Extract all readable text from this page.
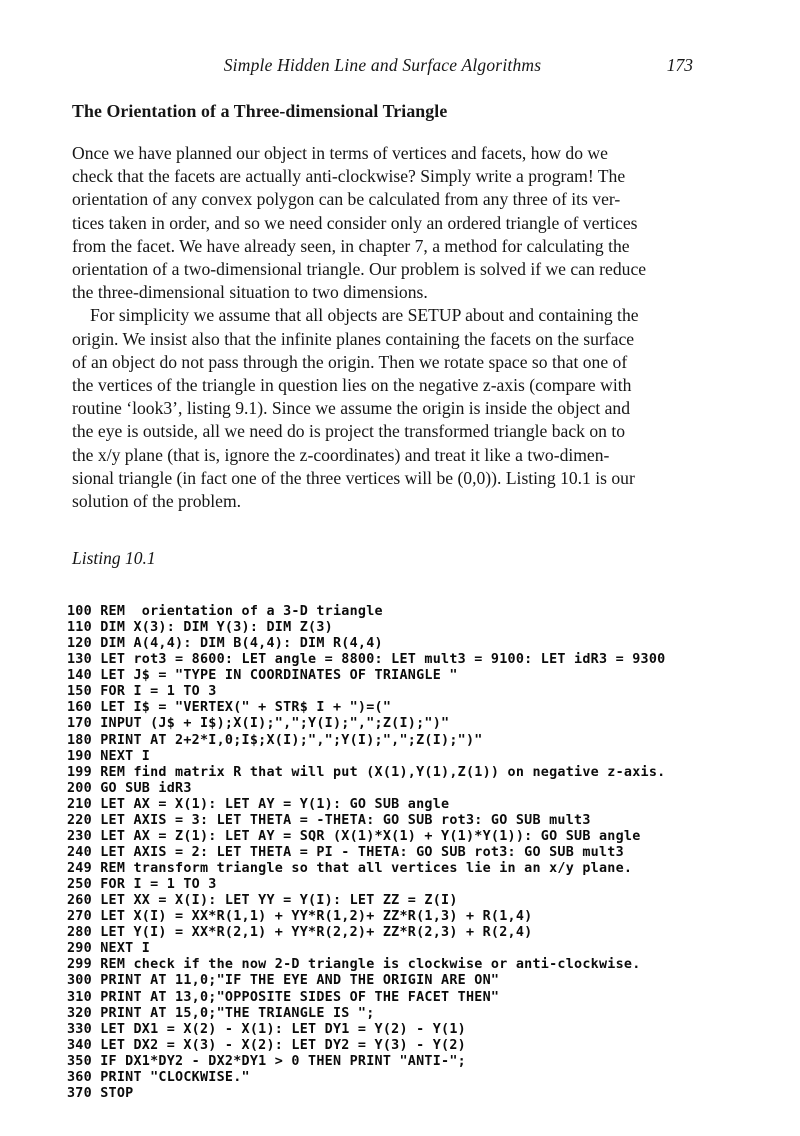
Simple Hidden Line and Surface Algorithms	173
The Orientation of a Three-dimensional Triangle
Once we have planned our object in terms of vertices and facets, how do we
check that the facets are actually anti-clockwise? Simply write a program! The
orientation of any convex polygon can be calculated from any three of its ver-
tices taken in order, and so we need consider only an ordered triangle of vertices
from the facet. We have already seen, in chapter 7, a method for calculating the
orientation of a two-dimensional triangle. Our problem is solved if we can reduce
the three-dimensional situation to two dimensions.
For simplicity we assume that all objects are SETUP about and containing the
origin. We insist also that the infinite planes containing the facets on the surface
of an object do not pass through the origin. Then we rotate space so that one of
the vertices of the triangle in question lies on the negative z-axis (compare with
routine ‘look3’, listing 9.1). Since we assume the origin is inside the object and
the eye is outside, all we need do is project the transformed triangle back on to
the x/y plane (that is, ignore the z-coordinates) and treat it like a two-dimen-
sional triangle (in fact one of the three vertices will be (0,0)). Listing 10.1 is our
solution of the problem.
Listing 10.1
100 REM  orientation of a 3-D triangle
110 DIM X(3): DIM Y(3): DIM Z(3)
120 DIM A(4,4): DIM B(4,4): DIM R(4,4)
130 LET rot3 = 8600: LET angle = 8800: LET mult3 = 9100: LET idR3 = 9300
140 LET J$ = "TYPE IN COORDINATES OF TRIANGLE "
150 FOR I = 1 TO 3
160 LET I$ = "VERTEX(" + STR$ I + ")=("
170 INPUT (J$ + I$);X(I);",";Y(I);",";Z(I);")"
180 PRINT AT 2+2*I,0;I$;X(I);",";Y(I);",";Z(I);")"
190 NEXT I
199 REM find matrix R that will put (X(1),Y(1),Z(1)) on negative z-axis.
200 GO SUB idR3
210 LET AX = X(1): LET AY = Y(1): GO SUB angle
220 LET AXIS = 3: LET THETA = -THETA: GO SUB rot3: GO SUB mult3
230 LET AX = Z(1): LET AY = SQR (X(1)*X(1) + Y(1)*Y(1)): GO SUB angle
240 LET AXIS = 2: LET THETA = PI - THETA: GO SUB rot3: GO SUB mult3
249 REM transform triangle so that all vertices lie in an x/y plane.
250 FOR I = 1 TO 3
260 LET XX = X(I): LET YY = Y(I): LET ZZ = Z(I)
270 LET X(I) = XX*R(1,1) + YY*R(1,2)+ ZZ*R(1,3) + R(1,4)
280 LET Y(I) = XX*R(2,1) + YY*R(2,2)+ ZZ*R(2,3) + R(2,4)
290 NEXT I
299 REM check if the now 2-D triangle is clockwise or anti-clockwise.
300 PRINT AT 11,0;"IF THE EYE AND THE ORIGIN ARE ON"
310 PRINT AT 13,0;"OPPOSITE SIDES OF THE FACET THEN"
320 PRINT AT 15,0;"THE TRIANGLE IS ";
330 LET DX1 = X(2) - X(1): LET DY1 = Y(2) - Y(1)
340 LET DX2 = X(3) - X(2): LET DY2 = Y(3) - Y(2)
350 IF DX1*DY2 - DX2*DY1 > 0 THEN PRINT "ANTI-";
360 PRINT "CLOCKWISE."
370 STOP
